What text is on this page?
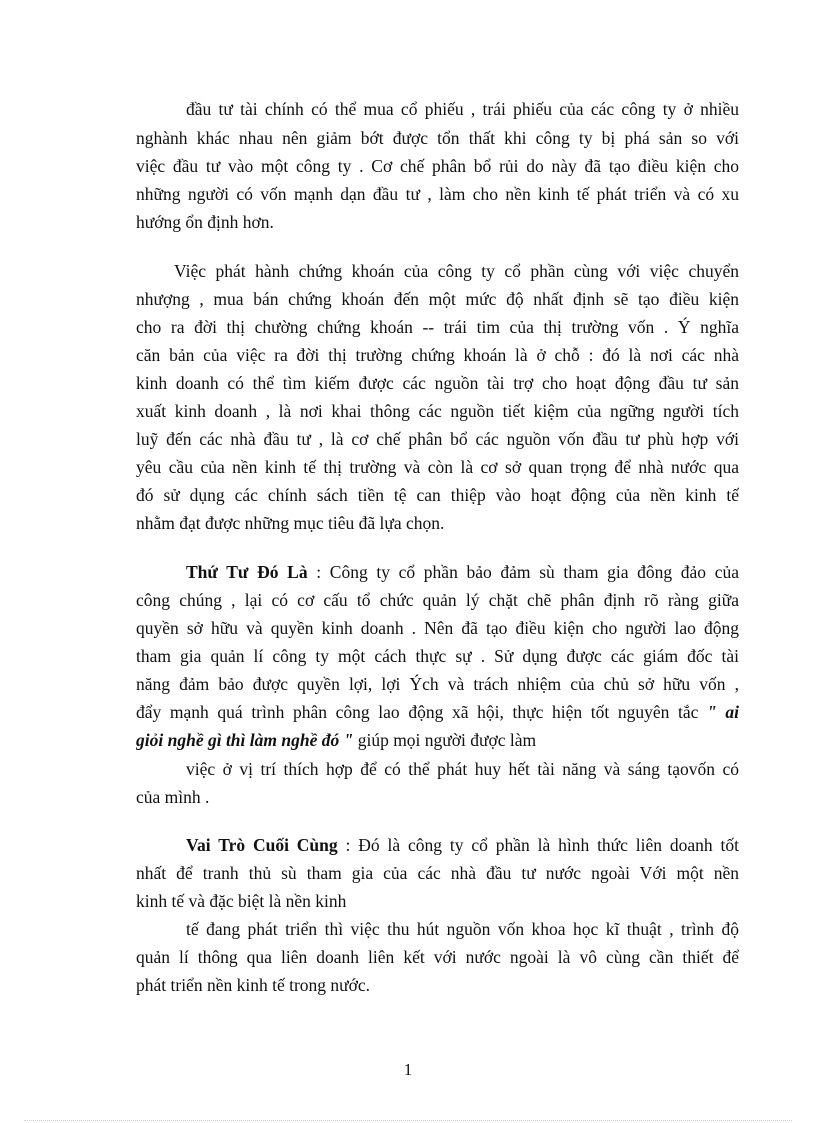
đầu tư tài chính có thể mua cổ phiếu , trái phiếu của các công ty ở nhiều
nghành khác nhau nên giảm bớt được tổn thất khi công ty bị phá sản so với
việc đầu tư vào một công ty . Cơ chế phân bổ rủi do này đã tạo điều kiện cho
những người có vốn mạnh dạn đầu tư , làm cho nền kinh tế phát triển và có xu
hướng ổn định hơn.
Việc phát hành chứng khoán của công ty cổ phần cùng với việc chuyển
nhượng , mua bán chứng khoán đến một mức độ nhất định sẽ tạo điều kiện
cho ra đời thị chường chứng khoán -- trái tim của thị trường vốn . Ý nghĩa
căn bản của việc ra đời thị trường chứng khoán là ở chỗ : đó là nơi các nhà
kinh doanh có thể tìm kiếm được các nguồn tài trợ cho hoạt động đầu tư sản
xuất kinh doanh , là nơi khai thông các nguồn tiết kiệm của ngững người tích
luỹ đến các nhà đầu tư , là cơ chế phân bổ các nguồn vốn đầu tư phù hợp với
yêu cầu của nền kinh tế thị trường và còn là cơ sở quan trọng để nhà nước qua
đó sử dụng các chính sách tiền tệ can thiệp vào hoạt động của nền kinh tế
nhằm đạt được những mục tiêu đã lựa chọn.
Thứ Tư Đó Là : Công ty cổ phần bảo đảm sù tham gia đông đảo của
công chúng , lại có cơ cấu tổ chức quản lý chặt chẽ phân định rõ ràng giữa
quyền sở hữu và quyền kinh doanh . Nên đã tạo điều kiện cho người lao động
tham gia quản lí công ty một cách thực sự . Sử dụng được các giám đốc tài
năng đảm bảo được quyền lợi, lợi Ých và trách nhiệm của chủ sở hữu vốn ,
đẩy mạnh quá trình phân công lao động xã hội, thực hiện tốt nguyên tắc " ai
giỏi nghề gì thì làm nghề đó " giúp mọi người được làm
việc ở vị trí thích hợp để có thể phát huy hết tài năng và sáng tạovốn có
của mình .
Vai Trò Cuối Cùng : Đó là công ty cổ phần là hình thức liên doanh tốt
nhất để tranh thủ sù tham gia của các nhà đầu tư nước ngoài Với một nền
kinh tế và đặc biệt là nền kinh
tế đang phát triển thì việc thu hút nguồn vốn khoa học kĩ thuật , trình độ
quản lí thông qua liên doanh liên kết với nước ngoài là vô cùng cần thiết để
phát triển nền kinh tế trong nước.
1
